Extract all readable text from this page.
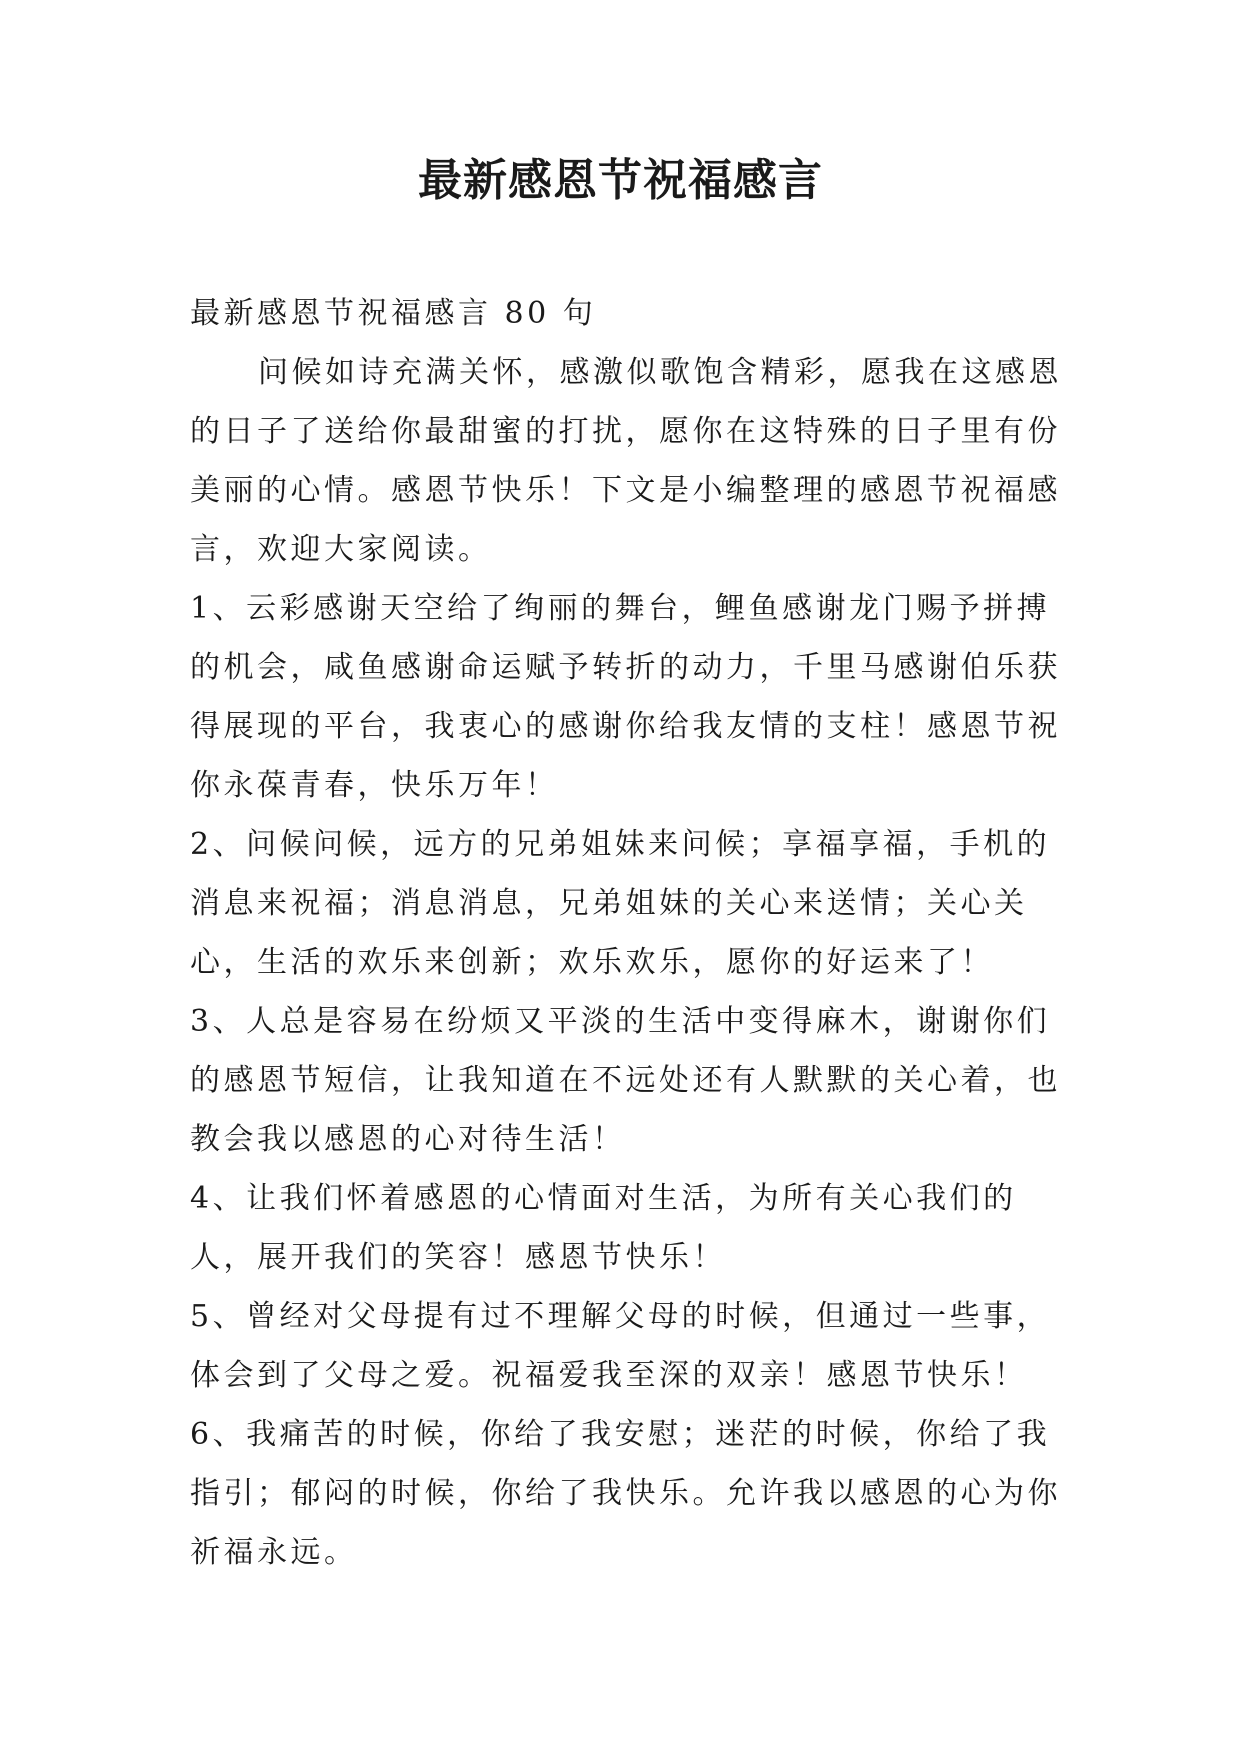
最新感恩节祝福感言

最新感恩节祝福感言 80 句

问候如诗充满关怀，感激似歌饱含精彩，愿我在这感恩的日子了送给你最甜蜜的打扰，愿你在这特殊的日子里有份美丽的心情。感恩节快乐！下文是小编整理的感恩节祝福感言，欢迎大家阅读。

1、云彩感谢天空给了绚丽的舞台，鲤鱼感谢龙门赐予拼搏的机会，咸鱼感谢命运赋予转折的动力，千里马感谢伯乐获得展现的平台，我衷心的感谢你给我友情的支柱！感恩节祝你永葆青春，快乐万年！

2、问候问候，远方的兄弟姐妹来问候；享福享福，手机的消息来祝福；消息消息，兄弟姐妹的关心来送情；关心关心，生活的欢乐来创新；欢乐欢乐，愿你的好运来了！

3、人总是容易在纷烦又平淡的生活中变得麻木，谢谢你们的感恩节短信，让我知道在不远处还有人默默的关心着，也教会我以感恩的心对待生活！

4、让我们怀着感恩的心情面对生活，为所有关心我们的人，展开我们的笑容！感恩节快乐！

5、曾经对父母提有过不理解父母的时候，但通过一些事，体会到了父母之爱。祝福爱我至深的双亲！感恩节快乐！

6、我痛苦的时候，你给了我安慰；迷茫的时候，你给了我指引；郁闷的时候，你给了我快乐。允许我以感恩的心为你祈福永远。
